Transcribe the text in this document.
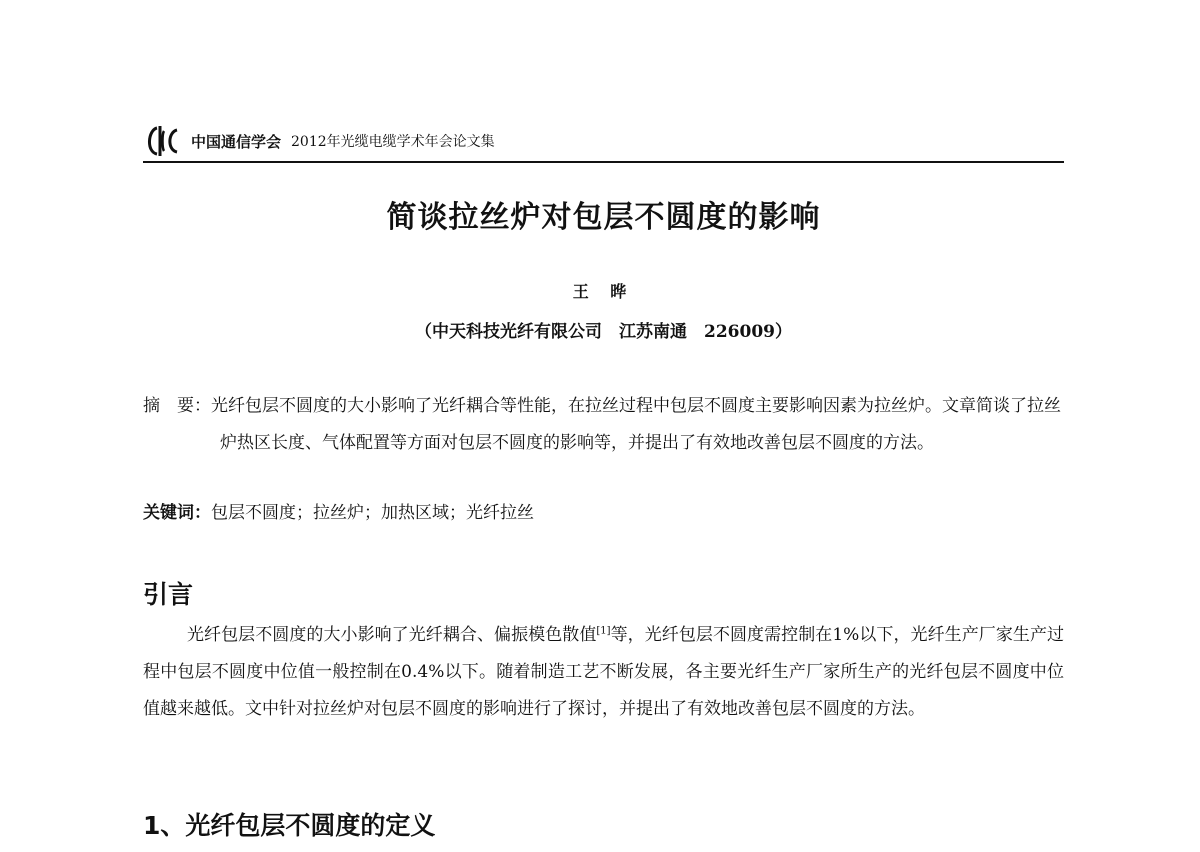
中国通信学会 2012年光缆电缆学术年会论文集
简谈拉丝炉对包层不圆度的影响
王 晔
（中天科技光纤有限公司　江苏南通　226009）
摘　要：光纤包层不圆度的大小影响了光纤耦合等性能，在拉丝过程中包层不圆度主要影响因素为拉丝炉。文章简谈了拉丝炉热区长度、气体配置等方面对包层不圆度的影响等，并提出了有效地改善包层不圆度的方法。
关键词：包层不圆度；拉丝炉；加热区域；光纤拉丝
引言
光纤包层不圆度的大小影响了光纤耦合、偏振模色散值[1]等，光纤包层不圆度需控制在1%以下，光纤生产厂家生产过程中包层不圆度中位值一般控制在0.4%以下。随着制造工艺不断发展，各主要光纤生产厂家所生产的光纤包层不圆度中位值越来越低。文中针对拉丝炉对包层不圆度的影响进行了探讨，并提出了有效地改善包层不圆度的方法。
1、光纤包层不圆度的定义
